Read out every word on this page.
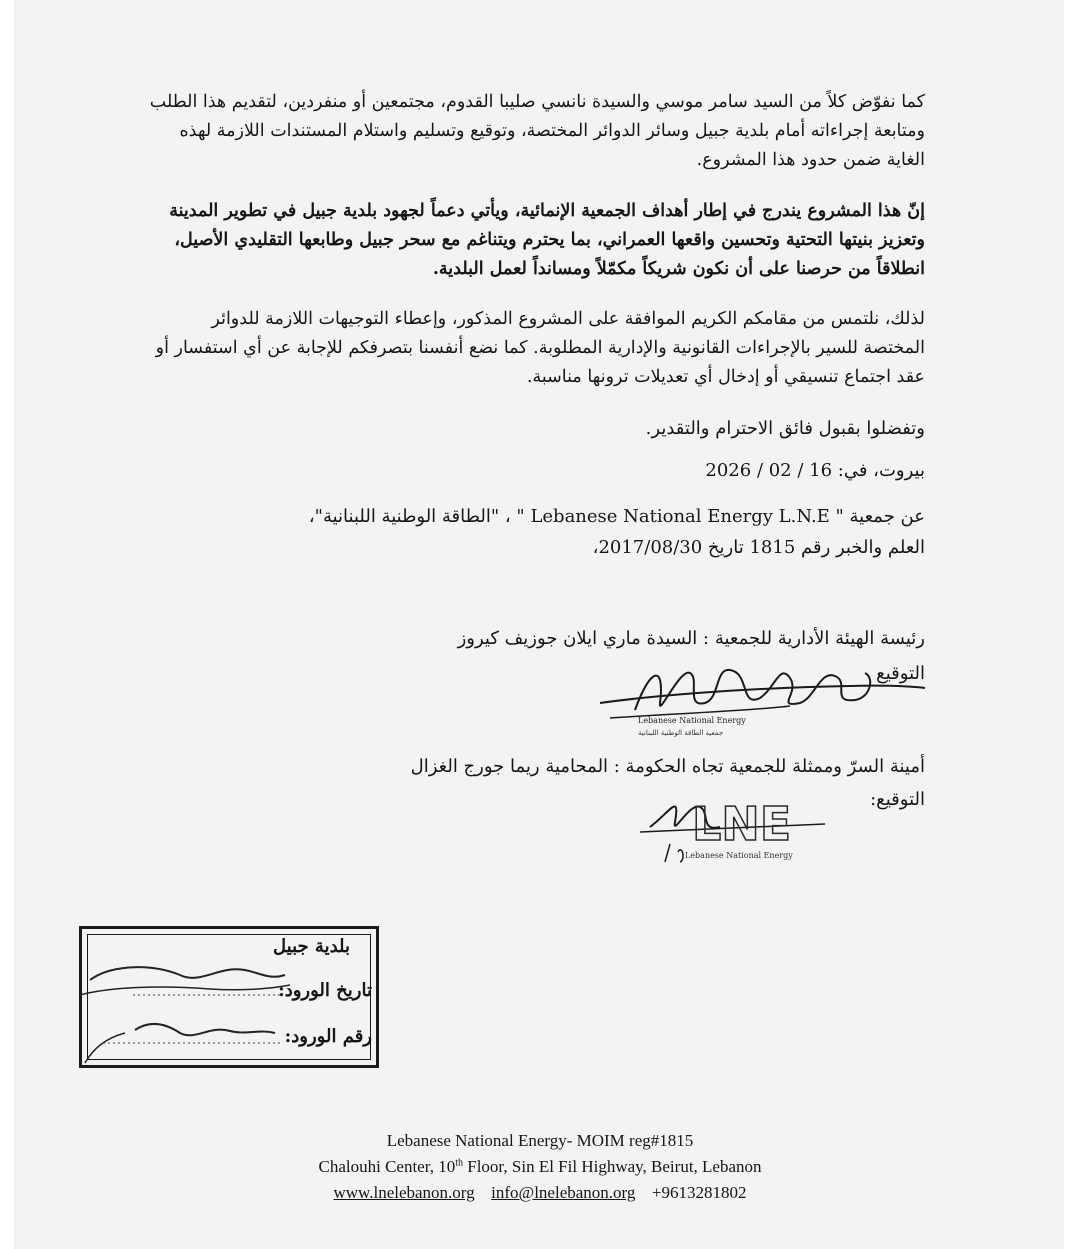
كما نفوّض كلاً من السيد سامر موسي والسيدة نانسي صليبا القدوم، مجتمعين أو منفردين، لتقديم هذا الطلب ومتابعة إجراءاته أمام بلدية جبيل وسائر الدوائر المختصة، وتوقيع وتسليم واستلام المستندات اللازمة لهذه الغاية ضمن حدود هذا المشروع.
إنّ هذا المشروع يندرج في إطار أهداف الجمعية الإنمائية، ويأتي دعماً لجهود بلدية جبيل في تطوير المدينة وتعزيز بنيتها التحتية وتحسين واقعها العمراني، بما يحترم ويتناغم مع سحر جبيل وطابعها التقليدي الأصيل، انطلاقاً من حرصنا على أن نكون شريكاً مكمّلاً ومسانداً لعمل البلدية.
لذلك، نلتمس من مقامكم الكريم الموافقة على المشروع المذكور، وإعطاء التوجيهات اللازمة للدوائر المختصة للسير بالإجراءات القانونية والإدارية المطلوبة. كما نضع أنفسنا بتصرفكم للإجابة عن أي استفسار أو عقد اجتماع تنسيقي أو إدخال أي تعديلات ترونها مناسبة.
وتفضلوا بقبول فائق الاحترام والتقدير.
بيروت، في: 16 / 02 / 2026
عن جمعية " Lebanese National Energy L.N.E " ، "الطاقة الوطنية اللبنانية"،
العلم والخبر رقم 1815 تاريخ 2017/08/30،
رئيسة الهيئة الأدارية للجمعية : السيدة ماري ايلان جوزيف كيروز
التوقيع
Lebanese National Energy
جمعية الطاقة الوطنية اللبنانية
أمينة السرّ وممثلة للجمعية تجاه الحكومة : المحامية ريما جورج الغزال
التوقيع:
LNE
Lebanese National Energy
بلدية جبيل
تاريخ الورود:
رقم الورود:
Lebanese National Energy- MOIM reg#1815
Chalouhi Center, 10th Floor, Sin El Fil Highway, Beirut, Lebanon
www.lnelebanon.org info@lnelebanon.org +9613281802
